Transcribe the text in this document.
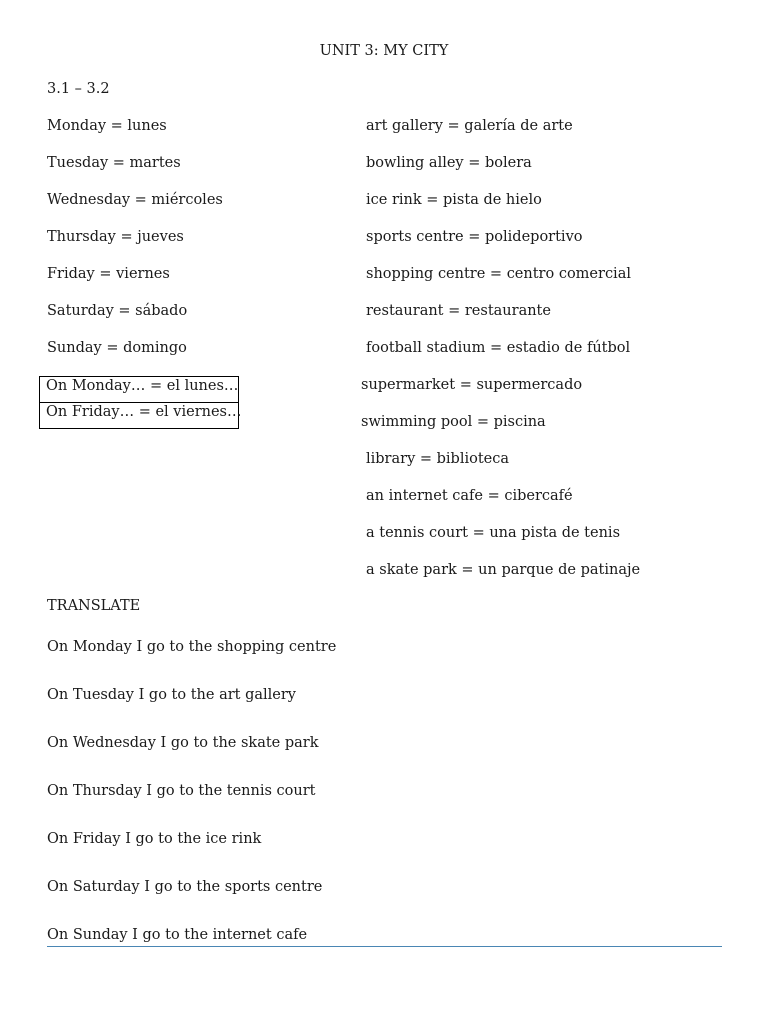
UNIT 3: MY CITY
3.1 – 3.2
Monday = lunes
Tuesday = martes
Wednesday = miércoles
Thursday = jueves
Friday = viernes
Saturday = sábado
Sunday = domingo
On Monday… = el lunes…
On Friday… = el viernes…
art gallery = galería de arte
bowling alley = bolera
ice rink = pista de hielo
sports centre = polideportivo
shopping centre = centro comercial
restaurant = restaurante
football stadium = estadio de fútbol
supermarket = supermercado
swimming pool = piscina
library = biblioteca
an internet cafe = cibercafé
a tennis court = una pista de tenis
a skate park = un parque de patinaje
TRANSLATE
On Monday I go to the shopping centre
On Tuesday I go to the art gallery
On Wednesday I go to the skate park
On Thursday I go to the tennis court
On Friday I go to the ice rink
On Saturday I go to the sports centre
On Sunday I go to the internet cafe
